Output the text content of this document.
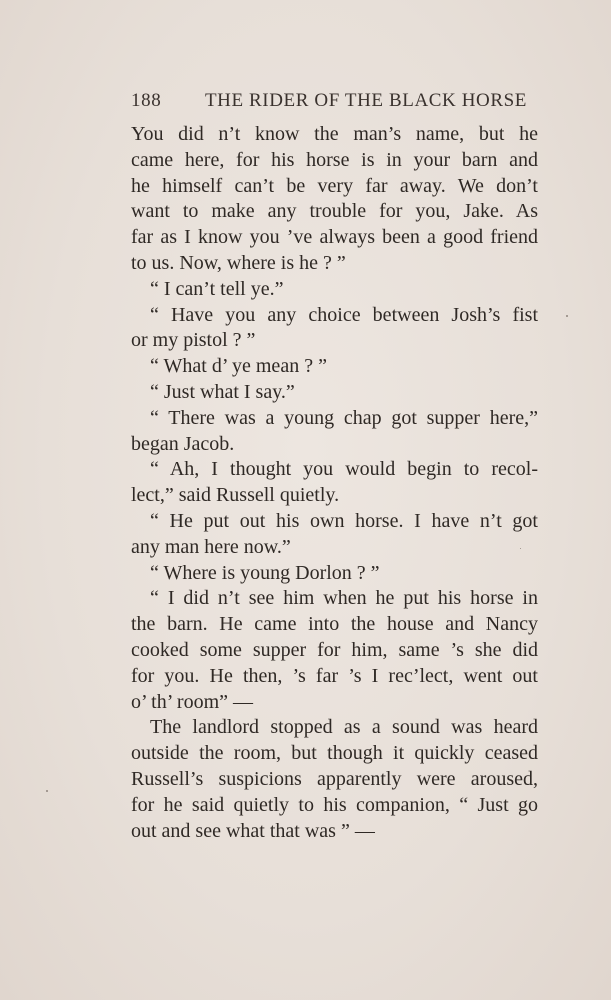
188 THE RIDER OF THE BLACK HORSE
You did n’t know the man’s name, but he
came here, for his horse is in your barn and
he himself can’t be very far away. We don’t
want to make any trouble for you, Jake. As
far as I know you ’ve always been a good friend
to us. Now, where is he ? ”
“ I can’t tell ye.”
“ Have you any choice between Josh’s fist
or my pistol ? ”
“ What d’ ye mean ? ”
“ Just what I say.”
“ There was a young chap got supper here,”
began Jacob.
“ Ah, I thought you would begin to recol-
lect,” said Russell quietly.
“ He put out his own horse. I have n’t got
any man here now.”
“ Where is young Dorlon ? ”
“ I did n’t see him when he put his horse in
the barn. He came into the house and Nancy
cooked some supper for him, same ’s she did
for you. He then, ’s far ’s I rec’lect, went out
o’ th’ room” —
The landlord stopped as a sound was heard
outside the room, but though it quickly ceased
Russell’s suspicions apparently were aroused,
for he said quietly to his companion, “ Just go
out and see what that was ” —
